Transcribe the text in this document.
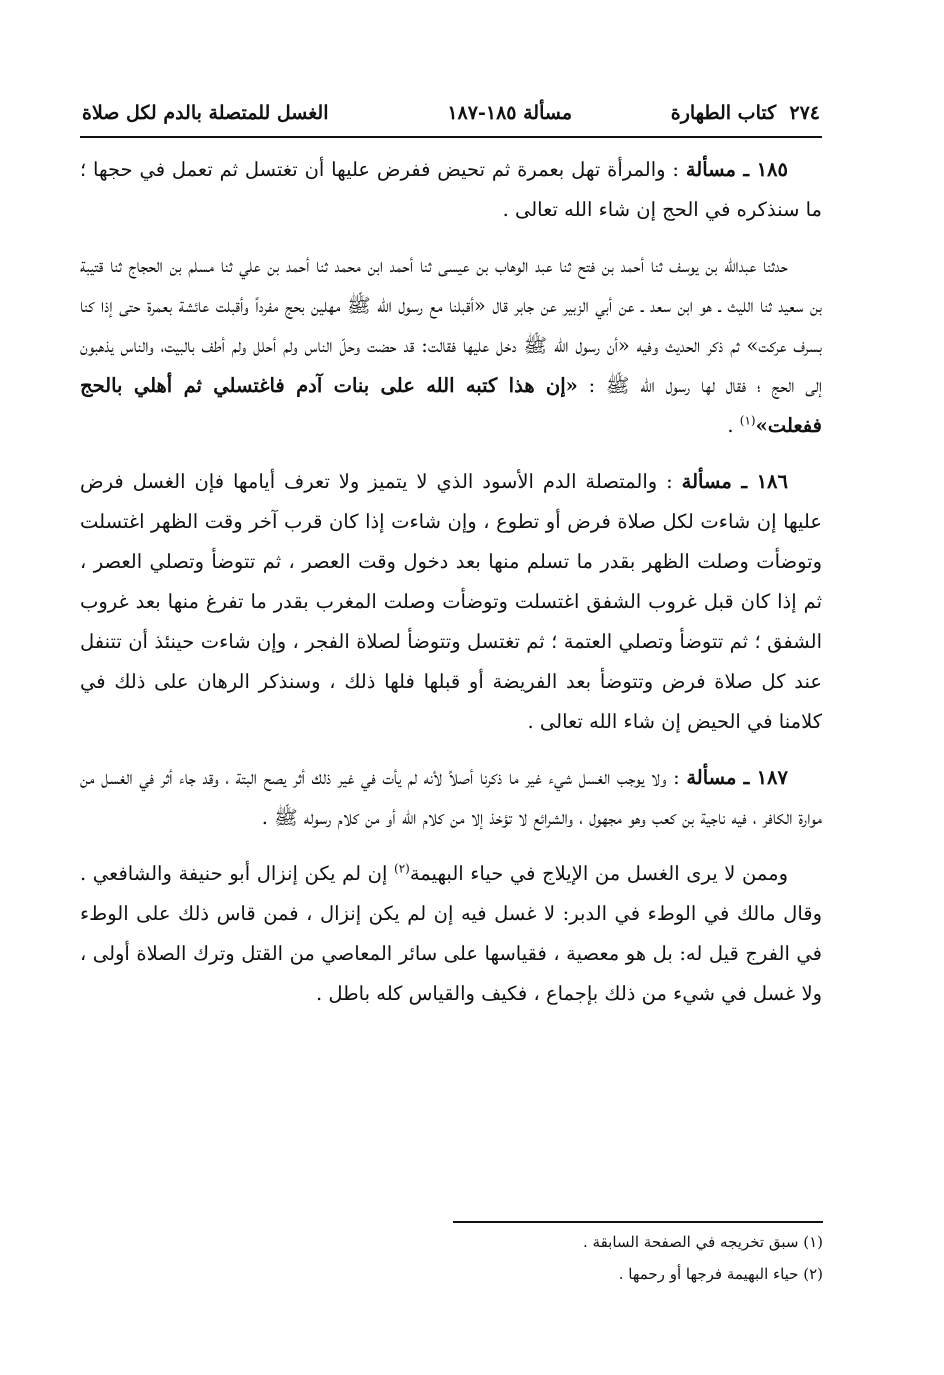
٢٧٤  كتاب الطهارة
مسألة ١٨٥-١٨٧
الغسل للمتصلة بالدم لكل صلاة

١٨٥ ـ مسألة : والمرأة تهل بعمرة ثم تحيض ففرض عليها أن تغتسل ثم تعمل في حجها ؛ ما سنذكره في الحج إن شاء الله تعالى .

حدثنا عبدالله بن يوسف ثنا أحمد بن فتح ثنا عبد الوهاب بن عيسى ثنا أحمد ابن محمد ثنا أحمد بن علي ثنا مسلم بن الحجاج ثنا قتيبة بن سعيد ثنا الليث ـ هو ابن سعد ـ عن أبي الزبير عن جابر قال «أقبلنا مع رسول الله ﷺ مهلين بحج مفرداً وأقبلت عائشة بعمرة حتى إذا كنا بسرف عركت» ثم ذكر الحديث وفيه «أن رسول الله ﷺ دخل عليها فقالت: قد حضت وحلّ الناس ولم أحلل ولم أطف بالبيت، والناس يذهبون إلى الحج ؛ فقال لها رسول الله ﷺ : «إن هذا كتبه الله على بنات آدم فاغتسلي ثم أهلي بالحج ففعلت»$^{(١)}$ .

١٨٦ ـ مسألة : والمتصلة الدم الأسود الذي لا يتميز ولا تعرف أيامها فإن الغسل فرض عليها إن شاءت لكل صلاة فرض أو تطوع ، وإن شاءت إذا كان قرب آخر وقت الظهر اغتسلت وتوضأت وصلت الظهر بقدر ما تسلم منها بعد دخول وقت العصر ، ثم تتوضأ وتصلي العصر ، ثم إذا كان قبل غروب الشفق اغتسلت وتوضأت وصلت المغرب بقدر ما تفرغ منها بعد غروب الشفق ؛ ثم تتوضأ وتصلي العتمة ؛ ثم تغتسل وتتوضأ لصلاة الفجر ، وإن شاءت حينئذ أن تتنفل عند كل صلاة فرض وتتوضأ بعد الفريضة أو قبلها فلها ذلك ، وسنذكر الرهان على ذلك في كلامنا في الحيض إن شاء الله تعالى .

١٨٧ ـ مسألة : ولا يوجب الغسل شيء غير ما ذكرنا أصلاً لأنه لم يأت في غير ذلك أثر يصح البتة ، وقد جاء أثر في الغسل من موارة الكافر ، فيه ناجية بن كعب وهو مجهول ، والشرائع لا تؤخذ إلا من كلام الله أو من كلام رسوله ﷺ .

وممن لا يرى الغسل من الإيلاج في حياء البهيمة$^{(٢)}$ إن لم يكن إنزال أبو حنيفة والشافعي . وقال مالك في الوطء في الدبر: لا غسل فيه إن لم يكن إنزال ، فمن قاس ذلك على الوطء في الفرج قيل له: بل هو معصية ، فقياسها على سائر المعاصي من القتل وترك الصلاة أولى ، ولا غسل في شيء من ذلك بإجماع ، فكيف والقياس كله باطل .

(١) سبق تخريجه في الصفحة السابقة .

(٢) حياء البهيمة فرجها أو رحمها .
